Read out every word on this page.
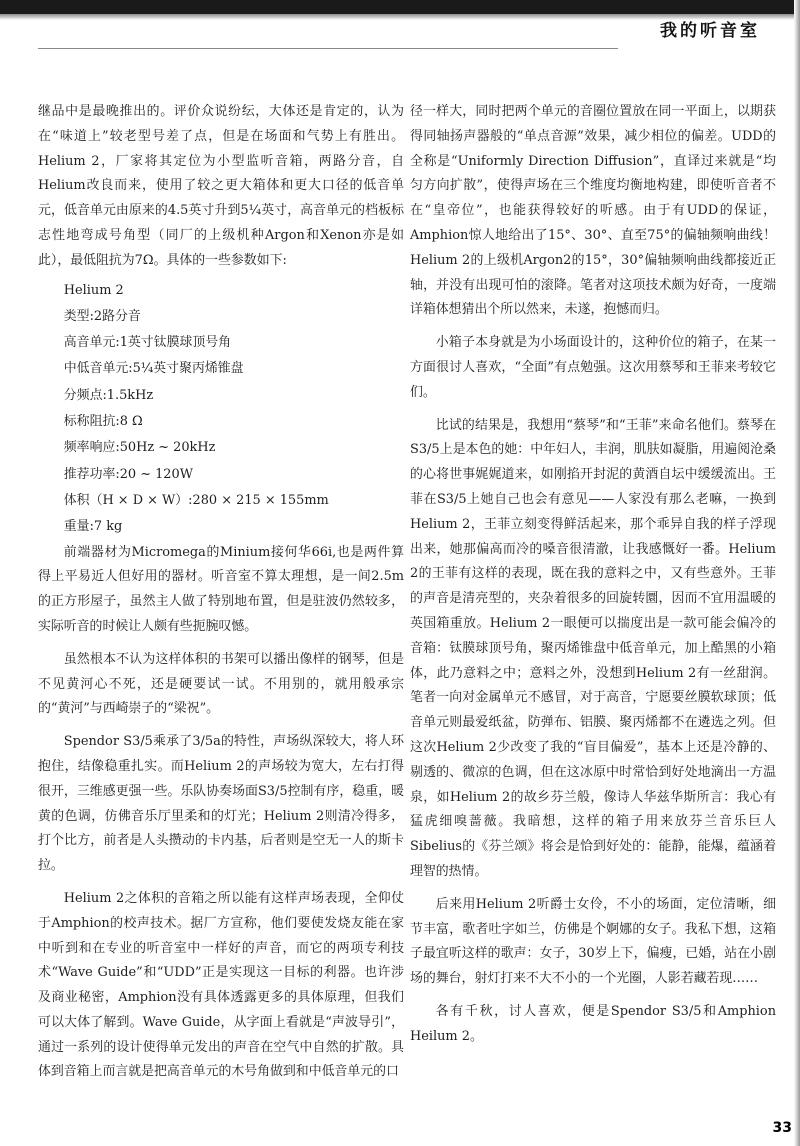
我的听音室

继品中是最晚推出的。评价众说纷纭，大体还是肯定的，认为在“味道上”较老型号差了点，但是在场面和气势上有胜出。Helium 2，厂家将其定位为小型监听音箱，两路分音，自Helium改良而来，使用了较之更大箱体和更大口径的低音单元，低音单元由原来的4.5英寸升到5¼英寸，高音单元的档板标志性地弯成号角型（同厂的上级机种Argon和Xenon亦是如此），最低阻抗为7Ω。具体的一些参数如下:

Helium 2
类型:2路分音
高音单元:1英寸钛膜球顶号角
中低音单元:5¼英寸聚丙烯锥盘
分频点:1.5kHz
标称阻抗:8 Ω
频率响应:50Hz ~ 20kHz
推荐功率:20 ~ 120W
体积（H × D × W）:280 × 215 × 155mm
重量:7 kg

前端器材为Micromega的Minium接何华66i,也是两件算得上平易近人但好用的器材。听音室不算太理想，是一间2.5m的正方形屋子，虽然主人做了特别地布置，但是驻波仍然较多，实际听音的时候让人颇有些扼腕叹憾。

虽然根本不认为这样体积的书架可以播出像样的钢琴，但是不见黄河心不死，还是硬要试一试。不用别的，就用般承宗的“黄河”与西崎崇子的“梁祝”。

Spendor S3/5乘承了3/5a的特性，声场纵深较大，将人环抱住，结像稳重扎实。而Helium 2的声场较为宽大，左右打得很开，三维感更强一些。乐队协奏场面S3/5控制有序，稳重，暖黄的色调，仿佛音乐厅里柔和的灯光；Helium 2则清冷得多，打个比方，前者是人头攒动的卡内基，后者则是空无一人的斯卡拉。

Helium 2之体积的音箱之所以能有这样声场表现，全仰仗于Amphion的校声技术。据厂方宣称，他们要使发烧友能在家中听到和在专业的听音室中一样好的声音，而它的两项专利技术“Wave Guide”和“UDD”正是实现这一目标的利器。也许涉及商业秘密，Amphion没有具体透露更多的具体原理，但我们可以大体了解到。Wave Guide，从字面上看就是“声波导引”，通过一系列的设计使得单元发出的声音在空气中自然的扩散。具体到音箱上而言就是把高音单元的木号角做到和中低音单元的口

径一样大，同时把两个单元的音圈位置放在同一平面上，以期获得同轴扬声器般的“单点音源”效果，减少相位的偏差。UDD的全称是“Uniformly Direction Diffusion”，直译过来就是“均匀方向扩散”，使得声场在三个维度均衡地构建，即使听音者不在“皇帝位”，也能获得较好的听感。由于有UDD的保证，Amphion惊人地给出了15°、30°、直至75°的偏轴频响曲线！Helium 2的上级机Argon2的15°，30°偏轴频响曲线都接近正轴，并没有出现可怕的滚降。笔者对这项技术颇为好奇，一度端详箱体想猜出个所以然来，未遂，抱憾而归。

小箱子本身就是为小场面设计的，这种价位的箱子，在某一方面很讨人喜欢，“全面”有点勉强。这次用蔡琴和王菲来考较它们。

比试的结果是，我想用“蔡琴”和“王菲”来命名他们。蔡琴在S3/5上是本色的她：中年妇人，丰润，肌肤如凝脂，用遍阅沧桑的心将世事娓娓道来，如刚掐开封泥的黄酒自坛中缓缓流出。王菲在S3/5上她自己也会有意见——人家没有那么老嘛，一换到Helium 2，王菲立刻变得鲜活起来，那个乖异自我的样子浮现出来，她那偏高而冷的嗓音很清澈，让我感慨好一番。Helium 2的王菲有这样的表现，既在我的意料之中，又有些意外。王菲的声音是清亮型的，夹杂着很多的回旋转圜，因而不宜用温暖的英国箱重放。Helium 2一眼便可以揣度出是一款可能会偏冷的音箱：钛膜球顶号角，聚丙烯锥盘中低音单元，加上酷黑的小箱体，此乃意料之中；意料之外，没想到Helium 2有一丝甜润。笔者一向对金属单元不感冒，对于高音，宁愿要丝膜软球顶；低音单元则最爱纸盆，防弹布、铝膜、聚丙烯都不在遴选之列。但这次Helium 2少改变了我的“盲目偏爱”，基本上还是冷静的、剔透的、微凉的色调，但在这冰原中时常恰到好处地滴出一方温泉，如Helium 2的故乡芬兰般，像诗人华兹华斯所言：我心有猛虎细嗅蔷薇。我暗想，这样的箱子用来放芬兰音乐巨人Sibelius的《芬兰颂》将会是恰到好处的：能静，能爆，蕴涵着理智的热情。

后来用Helium 2听爵士女伶，不小的场面，定位清晰，细节丰富，歌者吐字如兰，仿佛是个婀娜的女子。我私下想，这箱子最宜听这样的歌声：女子，30岁上下，偏瘦，已婚，站在小剧场的舞台，射灯打来不大不小的一个光圈，人影若藏若现……

各有千秋，讨人喜欢，便是Spendor S3/5和Amphion Heilum 2。

33
